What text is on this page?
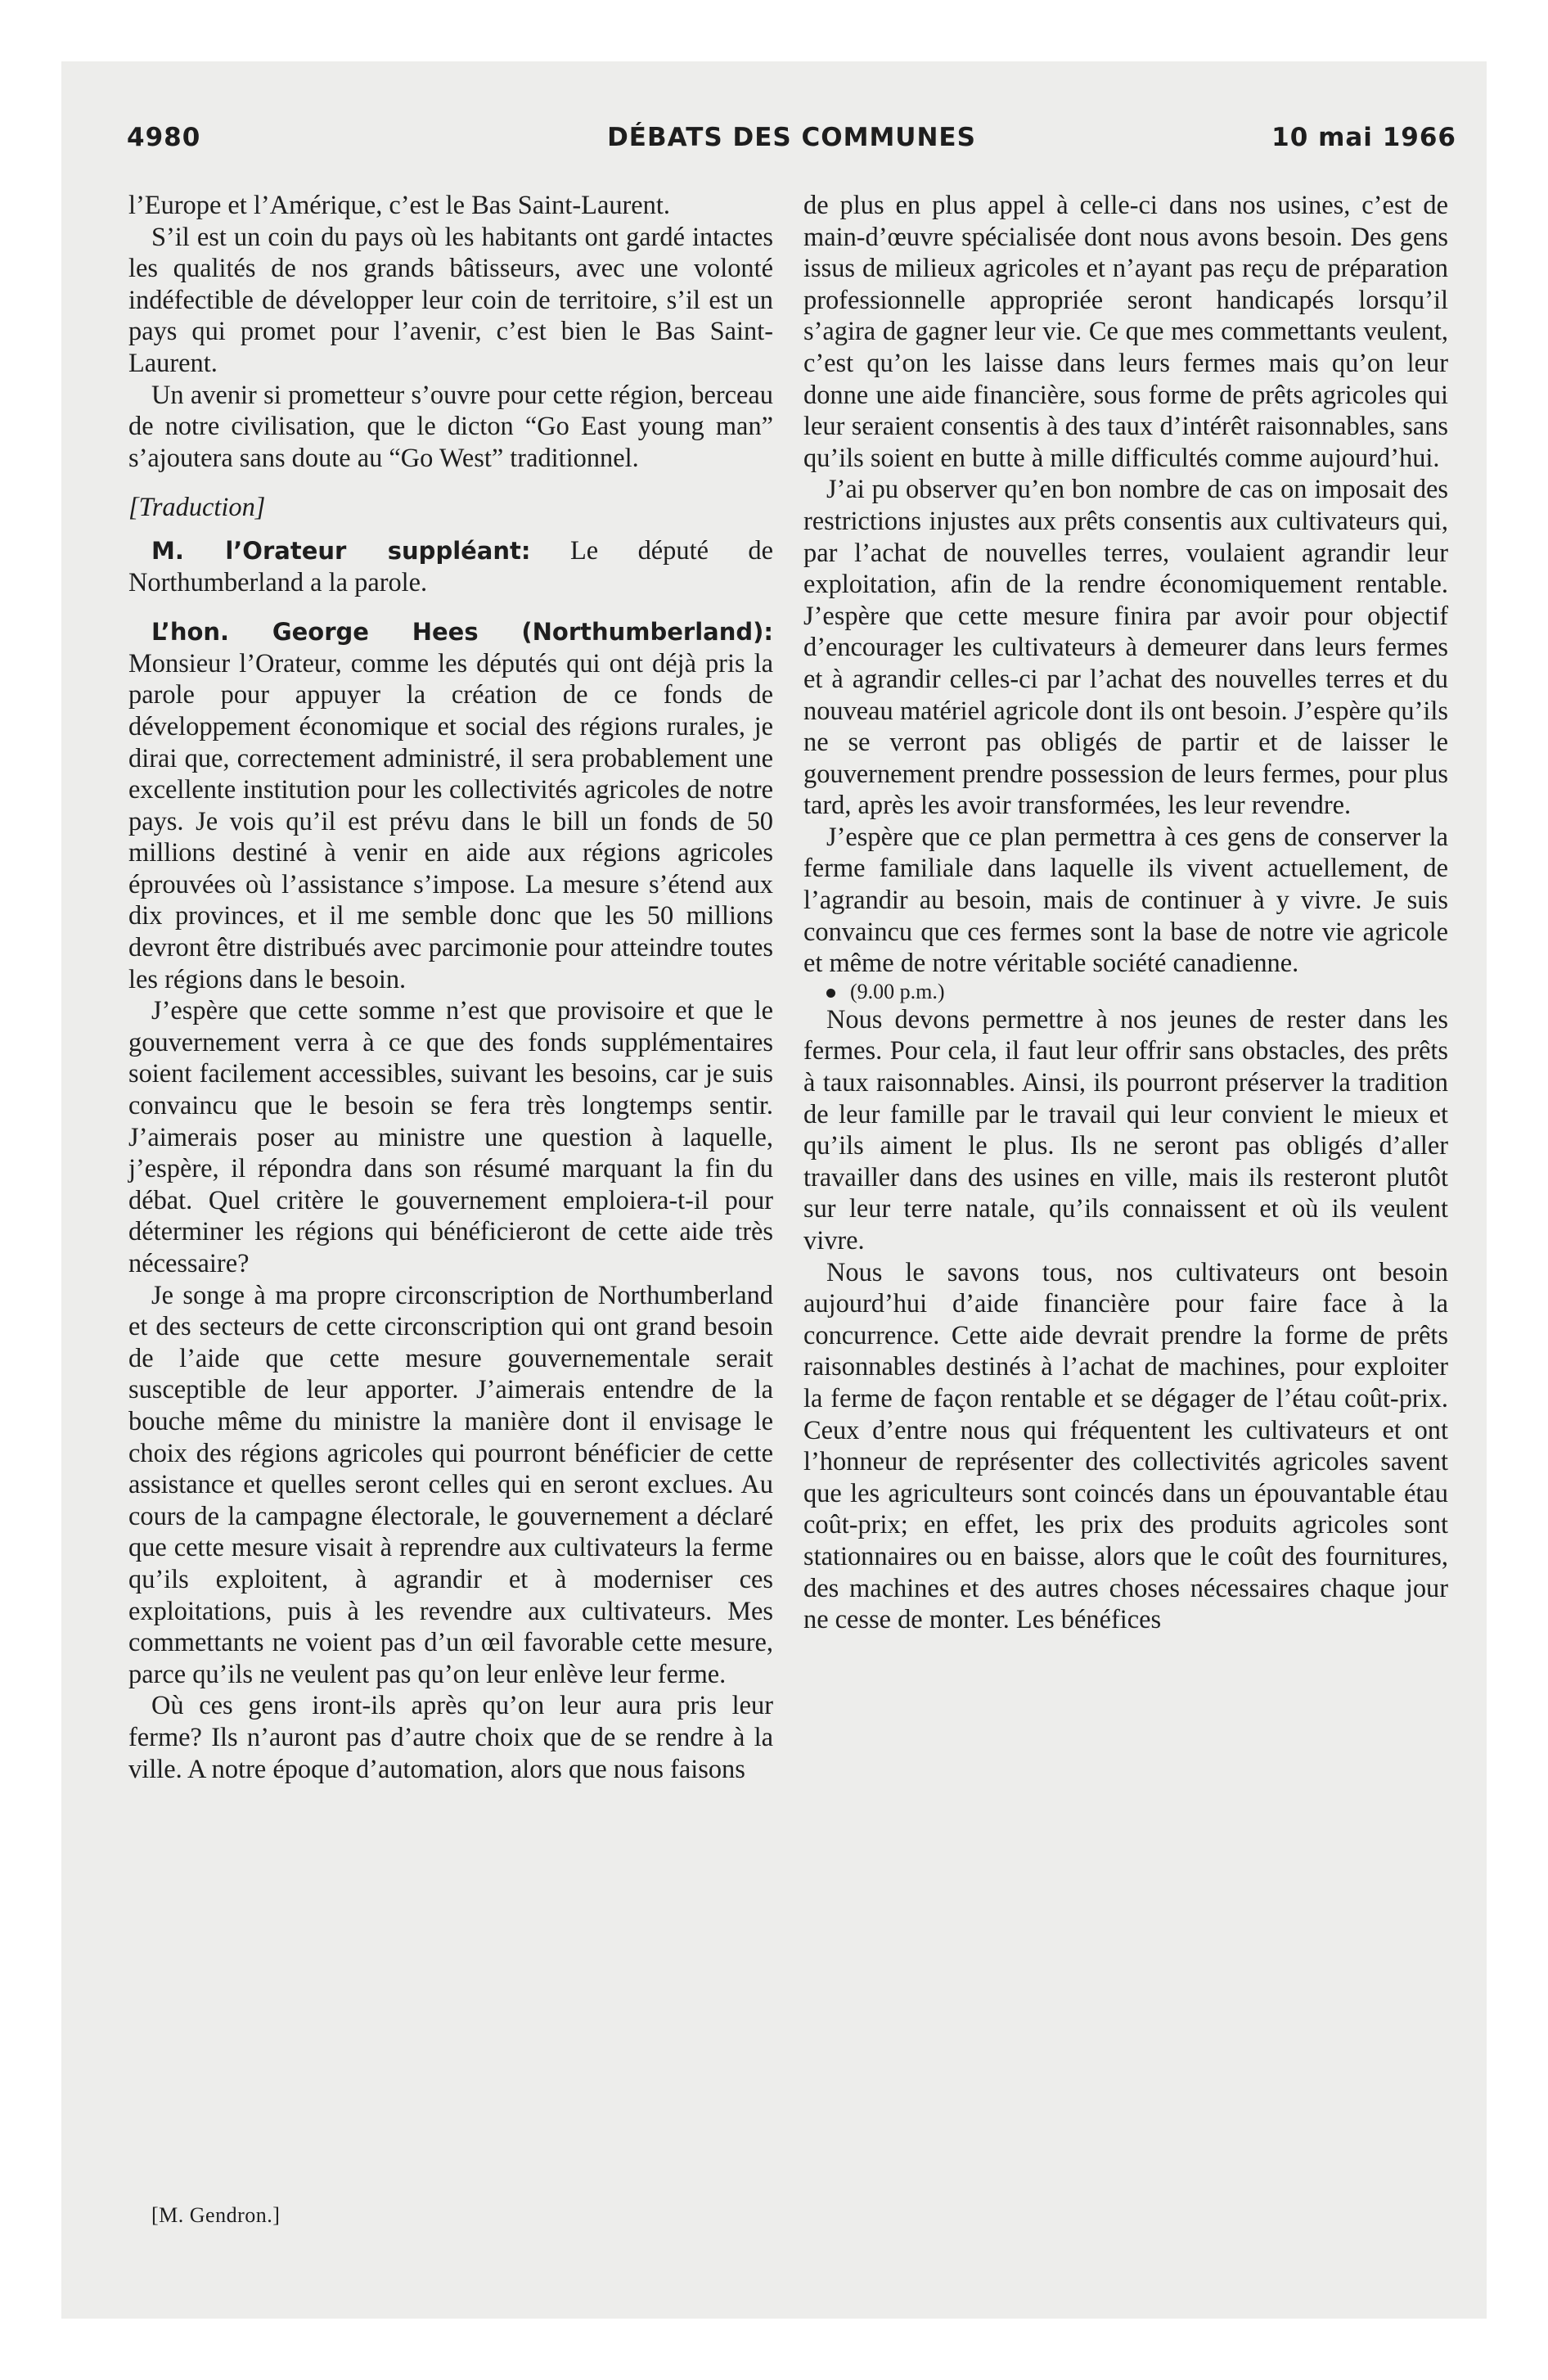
4980	DÉBATS DES COMMUNES	10 mai 1966

l’Europe et l’Amérique, c’est le Bas Saint-Laurent.

S’il est un coin du pays où les habitants ont gardé intactes les qualités de nos grands bâtisseurs, avec une volonté indéfectible de développer leur coin de territoire, s’il est un pays qui promet pour l’avenir, c’est bien le Bas Saint-Laurent.

Un avenir si prometteur s’ouvre pour cette région, berceau de notre civilisation, que le dicton “Go East young man” s’ajoutera sans doute au “Go West” traditionnel.

[Traduction]

M. l’Orateur suppléant: Le député de Northumberland a la parole.

L’hon. George Hees (Northumberland): Monsieur l’Orateur, comme les députés qui ont déjà pris la parole pour appuyer la création de ce fonds de développement économique et social des régions rurales, je dirai que, correctement administré, il sera probablement une excellente institution pour les collectivités agricoles de notre pays. Je vois qu’il est prévu dans le bill un fonds de 50 millions destiné à venir en aide aux régions agricoles éprouvées où l’assistance s’impose. La mesure s’étend aux dix provinces, et il me semble donc que les 50 millions devront être distribués avec parcimonie pour atteindre toutes les régions dans le besoin.

J’espère que cette somme n’est que provisoire et que le gouvernement verra à ce que des fonds supplémentaires soient facilement accessibles, suivant les besoins, car je suis convaincu que le besoin se fera très longtemps sentir. J’aimerais poser au ministre une question à laquelle, j’espère, il répondra dans son résumé marquant la fin du débat. Quel critère le gouvernement emploiera-t-il pour déterminer les régions qui bénéficieront de cette aide très nécessaire?

Je songe à ma propre circonscription de Northumberland et des secteurs de cette circonscription qui ont grand besoin de l’aide que cette mesure gouvernementale serait susceptible de leur apporter. J’aimerais entendre de la bouche même du ministre la manière dont il envisage le choix des régions agricoles qui pourront bénéficier de cette assistance et quelles seront celles qui en seront exclues. Au cours de la campagne électorale, le gouvernement a déclaré que cette mesure visait à reprendre aux cultivateurs la ferme qu’ils exploitent, à agrandir et à moderniser ces exploitations, puis à les revendre aux cultivateurs. Mes commettants ne voient pas d’un œil favorable cette mesure, parce qu’ils ne veulent pas qu’on leur enlève leur ferme.

Où ces gens iront-ils après qu’on leur aura pris leur ferme? Ils n’auront pas d’autre choix que de se rendre à la ville. A notre époque d’automation, alors que nous faisons

de plus en plus appel à celle-ci dans nos usines, c’est de main-d’œuvre spécialisée dont nous avons besoin. Des gens issus de milieux agricoles et n’ayant pas reçu de préparation professionnelle appropriée seront handicapés lorsqu’il s’agira de gagner leur vie. Ce que mes commettants veulent, c’est qu’on les laisse dans leurs fermes mais qu’on leur donne une aide financière, sous forme de prêts agricoles qui leur seraient consentis à des taux d’intérêt raisonnables, sans qu’ils soient en butte à mille difficultés comme aujourd’hui.

J’ai pu observer qu’en bon nombre de cas on imposait des restrictions injustes aux prêts consentis aux cultivateurs qui, par l’achat de nouvelles terres, voulaient agrandir leur exploitation, afin de la rendre économiquement rentable. J’espère que cette mesure finira par avoir pour objectif d’encourager les cultivateurs à demeurer dans leurs fermes et à agrandir celles-ci par l’achat des nouvelles terres et du nouveau matériel agricole dont ils ont besoin. J’espère qu’ils ne se verront pas obligés de partir et de laisser le gouvernement prendre possession de leurs fermes, pour plus tard, après les avoir transformées, les leur revendre.

J’espère que ce plan permettra à ces gens de conserver la ferme familiale dans laquelle ils vivent actuellement, de l’agrandir au besoin, mais de continuer à y vivre. Je suis convaincu que ces fermes sont la base de notre vie agricole et même de notre véritable société canadienne.

(9.00 p.m.)

Nous devons permettre à nos jeunes de rester dans les fermes. Pour cela, il faut leur offrir sans obstacles, des prêts à taux raisonnables. Ainsi, ils pourront préserver la tradition de leur famille par le travail qui leur convient le mieux et qu’ils aiment le plus. Ils ne seront pas obligés d’aller travailler dans des usines en ville, mais ils resteront plutôt sur leur terre natale, qu’ils connaissent et où ils veulent vivre.

Nous le savons tous, nos cultivateurs ont besoin aujourd’hui d’aide financière pour faire face à la concurrence. Cette aide devrait prendre la forme de prêts raisonnables destinés à l’achat de machines, pour exploiter la ferme de façon rentable et se dégager de l’étau coût-prix. Ceux d’entre nous qui fréquentent les cultivateurs et ont l’honneur de représenter des collectivités agricoles savent que les agriculteurs sont coincés dans un épouvantable étau coût-prix; en effet, les prix des produits agricoles sont stationnaires ou en baisse, alors que le coût des fournitures, des machines et des autres choses nécessaires chaque jour ne cesse de monter. Les bénéfices

[M. Gendron.]
